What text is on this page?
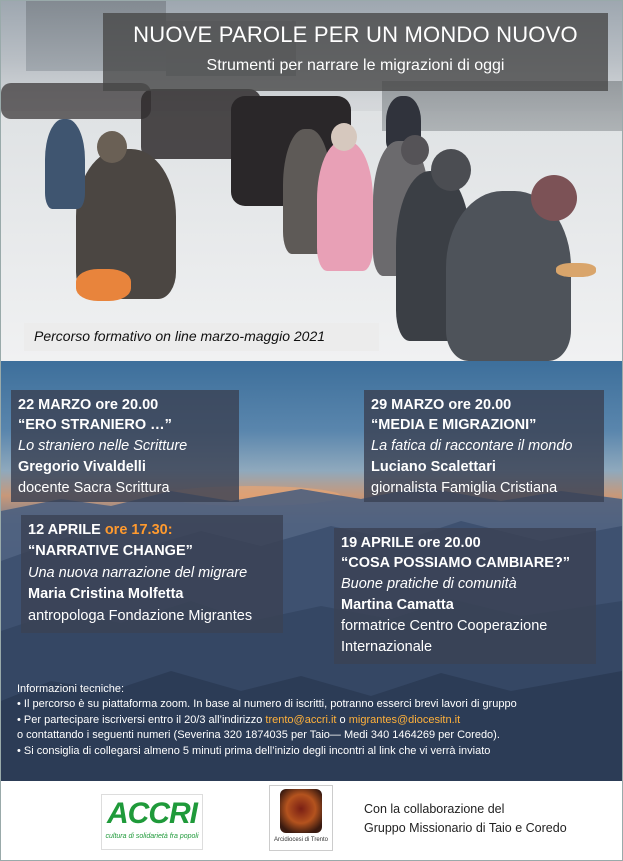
NUOVE PAROLE PER UN MONDO NUOVO
Strumenti per narrare le migrazioni di oggi
Percorso formativo on line marzo-maggio 2021
22 MARZO ore 20.00
“ERO STRANIERO …”
Lo straniero nelle Scritture
Gregorio Vivaldelli
docente Sacra Scrittura
29 MARZO ore 20.00
“MEDIA E MIGRAZIONI”
La fatica di raccontare il mondo
Luciano Scalettari
giornalista Famiglia Cristiana
12 APRILE ore 17.30:
“NARRATIVE CHANGE”
Una nuova narrazione del migrare
Maria Cristina Molfetta
antropologa Fondazione Migrantes
19 APRILE ore 20.00
“COSA POSSIAMO CAMBIARE?”
Buone pratiche di comunità
Martina Camatta
formatrice Centro Cooperazione
Internazionale
Informazioni tecniche:
• Il percorso è su piattaforma zoom. In base al numero di iscritti, potranno esserci brevi lavori di gruppo
• Per partecipare iscriversi entro il 20/3 all’indirizzo trento@accri.it o migrantes@diocesitn.it
o contattando i seguenti numeri (Severina 320 1874035 per Taio— Medi 340 1464269 per Coredo).
• Si consiglia di collegarsi almeno 5 minuti prima dell’inizio degli incontri al link che vi verrà inviato
ACCRI
cultura di solidarietà fra popoli	Arcidiocesi di Trento
Con la collaborazione del
Gruppo Missionario di Taio e Coredo
